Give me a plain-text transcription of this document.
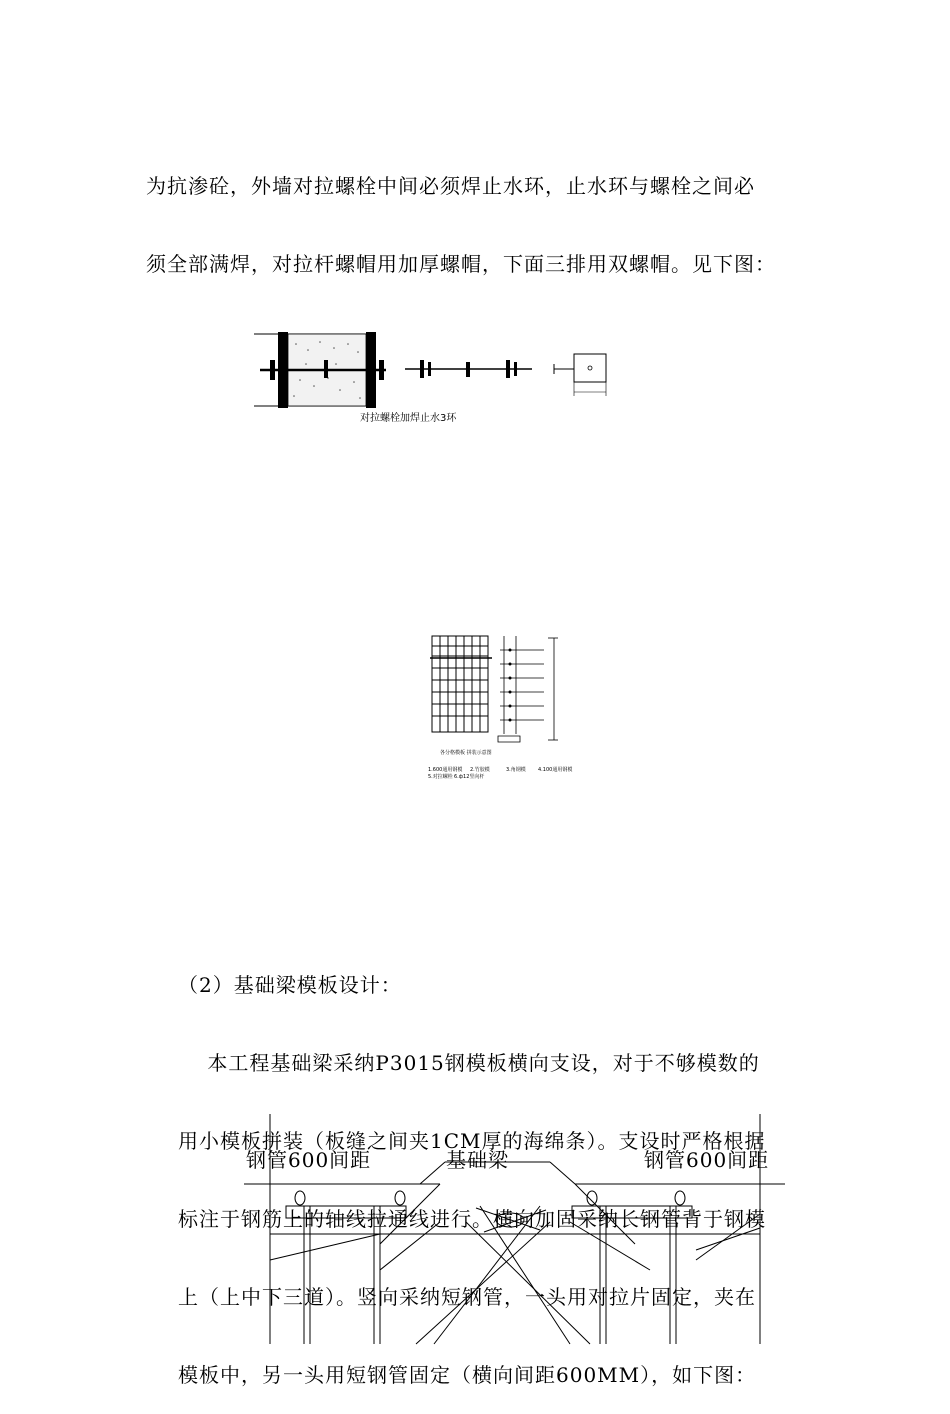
为抗渗砼，外墙对拉螺栓中间必须焊止水环，止水环与螺栓之间必

须全部满焊，对拉杆螺帽用加厚螺帽，下面三排用双螺帽。见下图：

对拉螺栓加焊止水3环
各分格模板 拼装示意图
1.600通用钢模 2.竹胶模	3.角钢模 4.100通用钢模
5.对拉螺栓 6.ф12竖向杆

（2）基础梁模板设计：

本工程基础梁采纳P3015钢模板横向支设，对于不够模数的

用小模板拼装（板缝之间夹1CM厚的海绵条）。支设时严格根据

标注于钢筋上的轴线拉通线进行。横向加固采纳长钢管背于钢模

上（上中下三道）。竖向采纳短钢管，一头用对拉片固定，夹在

模板中，另一头用短钢管固定（横向间距600MM），如下图：

钢管600间距	基础梁	钢管600间距
